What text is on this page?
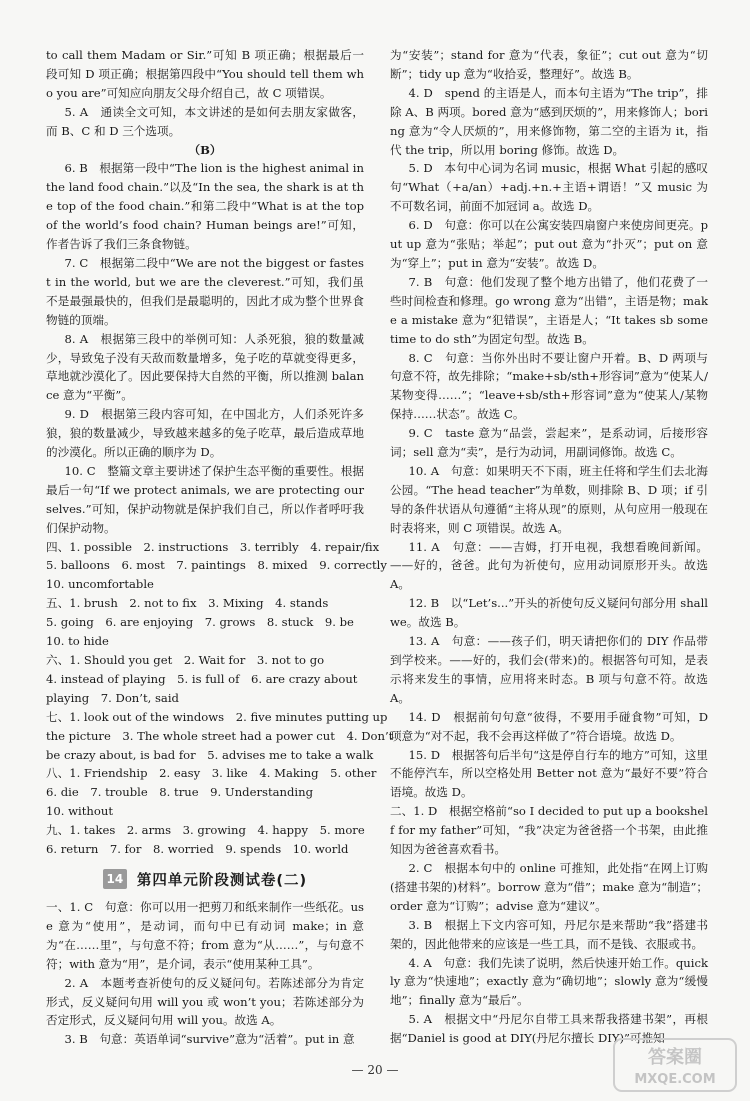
to call them Madam or Sir.”可知 B 项正确；根据最后一段可知 D 项正确；根据第四段中“You should tell them who you are”可知应向朋友父母介绍自己，故 C 项错误。

5. A　通读全文可知，本文讲述的是如何去朋友家做客，而 B、C 和 D 三个选项。

（B）

6. B　根据第一段中“The lion is the highest animal in the land food chain.”以及“In the sea, the shark is at the top of the food chain.”和第二段中“What is at the top of the world’s food chain? Human beings are!”可知，作者告诉了我们三条食物链。

7. C　根据第二段中“We are not the biggest or fastest in the world, but we are the cleverest.”可知，我们虽不是最强最快的，但我们是最聪明的，因此才成为整个世界食物链的顶端。

8. A　根据第三段中的举例可知：人杀死狼，狼的数量减少，导致兔子没有天敌而数量增多，兔子吃的草就变得更多，草地就沙漠化了。因此要保持大自然的平衡，所以推测 balance 意为“平衡”。

9. D　根据第三段内容可知，在中国北方，人们杀死许多狼，狼的数量减少，导致越来越多的兔子吃草，最后造成草地的沙漠化。所以正确的顺序为 D。

10. C　整篇文章主要讲述了保护生态平衡的重要性。根据最后一句“If we protect animals, we are protecting ourselves.”可知，保护动物就是保护我们自己，所以作者呼吁我们保护动物。

四、1. possible　2. instructions　3. terribly　4. repair/fix
5. balloons　6. most　7. paintings　8. mixed　9. correctly
10. uncomfortable
五、1. brush　2. not to fix　3. Mixing　4. stands
5. going　6. are enjoying　7. grows　8. stuck　9. be
10. to hide
六、1. Should you get　2. Wait for　3. not to go
4. instead of playing　5. is full of　6. are crazy about
playing　7. Don’t, said
七、1. look out of the windows　2. five minutes putting up
the picture　3. The whole street had a power cut　4. Don’t
be crazy about, is bad for　5. advises me to take a walk
八、1. Friendship　2. easy　3. like　4. Making　5. other
6. die　7. trouble　8. true　9. Understanding
10. without
九、1. takes　2. arms　3. growing　4. happy　5. more
6. return　7. for　8. worried　9. spends　10. world
14 第四单元阶段测试卷(二)

一、1. C　句意：你可以用一把剪刀和纸来制作一些纸花。use 意为“使用”，是动词，而句中已有动词 make；in 意为“在……里”，与句意不符；from 意为“从……”，与句意不符；with 意为“用”，是介词，表示“使用某种工具”。

2. A　本题考查祈使句的反义疑问句。若陈述部分为肯定形式，反义疑问句用 will you 或 won’t you；若陈述部分为否定形式，反义疑问句用 will you。故选 A。

3. B　句意：英语单词“survive”意为“活着”。put in 意

为“安装”；stand for 意为“代表，象征”；cut out 意为“切断”；tidy up 意为“收拾妥，整理好”。故选 B。

4. D　spend 的主语是人，而本句主语为“The trip”，排除 A、B 两项。bored 意为“感到厌烦的”，用来修饰人；boring 意为“令人厌烦的”，用来修饰物，第二空的主语为 it，指代 the trip，所以用 boring 修饰。故选 D。

5. D　本句中心词为名词 music，根据 What 引起的感叹句“What（+a/an）+adj.+n.+主语+谓语！”又 music 为不可数名词，前面不加冠词 a。故选 D。

6. D　句意：你可以在公寓安装四扇窗户来使房间更亮。put up 意为“张贴；举起”；put out 意为“扑灭”；put on 意为“穿上”；put in 意为“安装”。故选 D。

7. B　句意：他们发现了整个地方出错了，他们花费了一些时间检查和修理。go wrong 意为“出错”，主语是物；make a mistake 意为“犯错误”，主语是人；“It takes sb some time to do sth”为固定句型。故选 B。

8. C　句意：当你外出时不要让窗户开着。B、D 两项与句意不符，故先排除；“make+sb/sth+形容词”意为“使某人/某物变得……”；“leave+sb/sth+形容词”意为“使某人/某物保持……状态”。故选 C。

9. C　taste 意为“品尝，尝起来”，是系动词，后接形容词；sell 意为“卖”，是行为动词，用副词修饰。故选 C。

10. A　句意：如果明天不下雨，班主任将和学生们去北海公园。“The head teacher”为单数，则排除 B、D 项；if 引导的条件状语从句遵循“主将从现”的原则，从句应用一般现在时表将来，则 C 项错误。故选 A。

11. A　句意：——吉姆，打开电视，我想看晚间新闻。——好的，爸爸。此句为祈使句，应用动词原形开头。故选 A。

12. B　以“Let’s...”开头的祈使句反义疑问句部分用 shall we。故选 B。

13. A　句意：——孩子们，明天请把你们的 DIY 作品带到学校来。——好的，我们会(带来)的。根据答句可知，是表示将来发生的事情，应用将来时态。B 项与句意不符。故选 A。

14. D　根据前句句意“彼得，不要用手碰食物”可知，D 项意为“对不起，我不会再这样做了”符合语境。故选 D。

15. D　根据答句后半句“这是停自行车的地方”可知，这里不能停汽车，所以空格处用 Better not 意为“最好不要”符合语境。故选 D。

二、1. D　根据空格前“so I decided to put up a bookshelf for my father”可知，“我”决定为爸爸搭一个书架，由此推知因为爸爸喜欢看书。

2. C　根据本句中的 online 可推知，此处指“在网上订购(搭建书架的)材料”。borrow 意为“借”；make 意为“制造”；order 意为“订购”；advise 意为“建议”。

3. B　根据上下文内容可知，丹尼尔是来帮助“我”搭建书架的，因此他带来的应该是一些工具，而不是钱、衣服或书。

4. A　句意：我们先读了说明，然后快速开始工作。quickly 意为“快速地”；exactly 意为“确切地”；slowly 意为“缓慢地”；finally 意为“最后”。

5. A　根据文中“丹尼尔自带工具来帮我搭建书架”，再根据“Daniel is good at DIY(丹尼尔擅长 DIY)”可推知

— 20 —
答案圈
MXQE.COM
